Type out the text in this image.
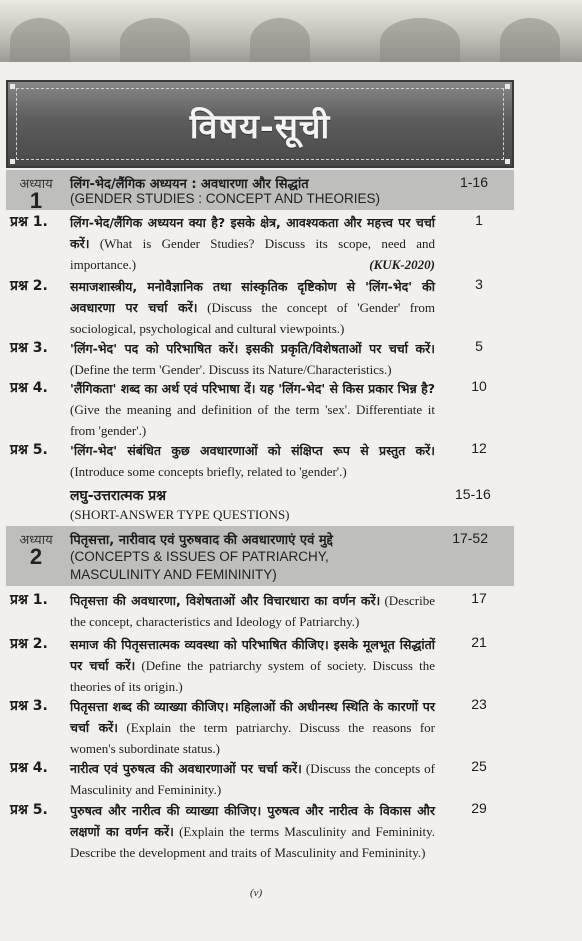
विषय-सूची
अध्याय
1
लिंग-भेद/लैंगिक अध्ययन : अवधारणा और सिद्धांत
(GENDER STUDIES : CONCEPT AND THEORIES)
1-16
प्रश्न 1. लिंग-भेद/लैंगिक अध्ययन क्या है? इसके क्षेत्र, आवश्यकता और महत्त्व पर चर्चा करें। (What is Gender Studies? Discuss its scope, need and importance.)	(KUK-2020)
1
प्रश्न 2. समाजशास्त्रीय, मनोवैज्ञानिक तथा सांस्कृतिक दृष्टिकोण से 'लिंग-भेद' की अवधारणा पर चर्चा करें। (Discuss the concept of 'Gender' from sociological, psychological and cultural viewpoints.)
3
प्रश्न 3. 'लिंग-भेद' पद को परिभाषित करें। इसकी प्रकृति/विशेषताओं पर चर्चा करें। (Define the term 'Gender'. Discuss its Nature/Characteristics.)
5
प्रश्न 4. 'लैंगिकता' शब्द का अर्थ एवं परिभाषा दें। यह 'लिंग-भेद' से किस प्रकार भिन्न है? (Give the meaning and definition of the term 'sex'. Differentiate it from 'gender'.)
10
प्रश्न 5. 'लिंग-भेद' संबंधित कुछ अवधारणाओं को संक्षिप्त रूप से प्रस्तुत करें। (Introduce some concepts briefly, related to 'gender'.)
12
लघु-उत्तरात्मक प्रश्न
(SHORT-ANSWER TYPE QUESTIONS)
15-16
अध्याय
2
पितृसत्ता, नारीवाद एवं पुरुषवाद की अवधारणाएं एवं मुद्दे
(CONCEPTS & ISSUES OF PATRIARCHY,
MASCULINITY AND FEMININITY)
17-52
प्रश्न 1. पितृसत्ता की अवधारणा, विशेषताओं और विचारधारा का वर्णन करें। (Describe the concept, characteristics and Ideology of Patriarchy.)
17
प्रश्न 2. समाज की पितृसत्तात्मक व्यवस्था को परिभाषित कीजिए। इसके मूलभूत सिद्धांतों पर चर्चा करें। (Define the patriarchy system of society. Discuss the theories of its origin.)
21
प्रश्न 3. पितृसत्ता शब्द की व्याख्या कीजिए। महिलाओं की अधीनस्थ स्थिति के कारणों पर चर्चा करें। (Explain the term patriarchy. Discuss the reasons for women's subordinate status.)
23
प्रश्न 4. नारीत्व एवं पुरुषत्व की अवधारणाओं पर चर्चा करें। (Discuss the concepts of Masculinity and Femininity.)
25
प्रश्न 5. पुरुषत्व और नारीत्व की व्याख्या कीजिए। पुरुषत्व और नारीत्व के विकास और लक्षणों का वर्णन करें। (Explain the terms Masculinity and Femininity. Describe the development and traits of Masculinity and Femininity.)
29
(v)
